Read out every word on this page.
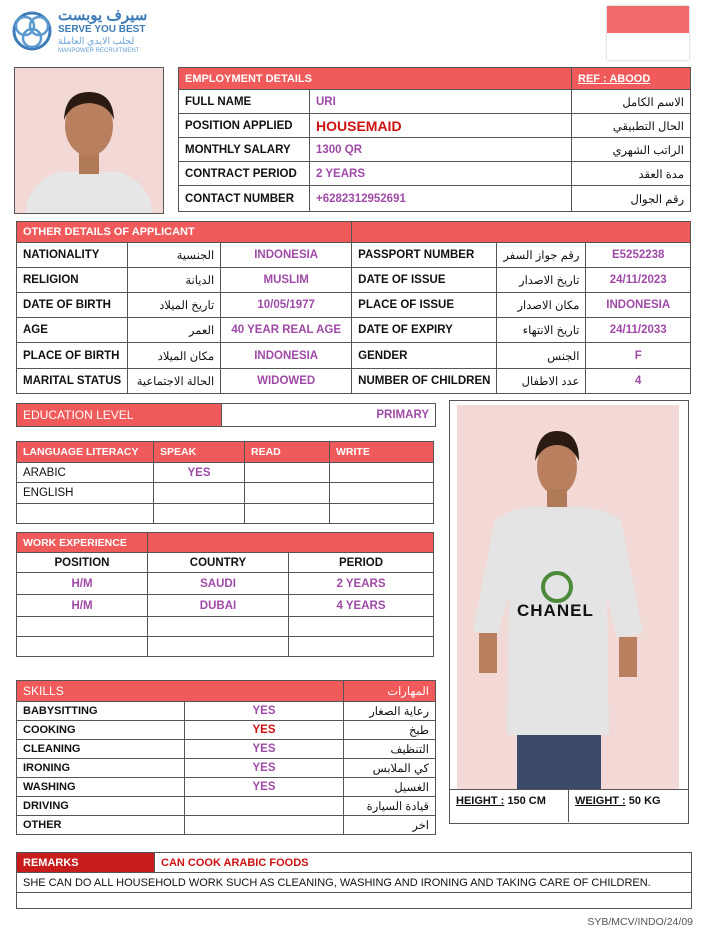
سيرف يوبست
SERVE YOU BEST
لجلب الايدي العاملة
MANPOWER RECRUITMENT
EMPLOYMENT DETAILS		REF : ABOOD
FULL NAME	URI	الاسم الكامل
POSITION APPLIED	HOUSEMAID	الحال التطبيقي
MONTHLY SALARY	1300 QR	الراتب الشهري
CONTRACT PERIOD	2 YEARS	مدة العقد
CONTACT NUMBER	+6282312952691	رقم الجوال
OTHER DETAILS OF APPLICANT					
NATIONALITY	الجنسية	INDONESIA	PASSPORT NUMBER	رقم جواز السفر	E5252238
RELIGION	الديانة	MUSLIM	DATE OF ISSUE	تاريخ الاصدار	24/11/2023
DATE OF BIRTH	تاريخ الميلاد	10/05/1977	PLACE OF ISSUE	مكان الاصدار	INDONESIA
AGE	العمر	40 YEAR REAL AGE	DATE OF EXPIRY	تاريخ الانتهاء	24/11/2033
PLACE OF BIRTH	مكان الميلاد	INDONESIA	GENDER	الجنس	F
MARITAL STATUS	الحالة الاجتماعية	WIDOWED	NUMBER OF CHILDREN	عدد الاطفال	4
EDUCATION LEVEL	PRIMARY
LANGUAGE LITERACY	SPEAK	READ	WRITE
ARABIC	YES		
ENGLISH			

WORK EXPERIENCE		
POSITION	COUNTRY	PERIOD
H/M	SAUDI	2 YEARS
H/M	DUBAI	4 YEARS

SKILLS		المهارات
BABYSITTING	YES	رعاية الصغار
COOKING	YES	طبخ
CLEANING	YES	التنظيف
IRONING	YES	كي الملابس
WASHING	YES	الغسيل
DRIVING		قيادة السيارة
OTHER		اخر
CHANEL
HEIGHT : 150 CM	WEIGHT : 50 KG
REMARKS	CAN COOK ARABIC FOODS
SHE CAN DO ALL HOUSEHOLD WORK SUCH AS CLEANING, WASHING AND IRONING AND TAKING CARE OF CHILDREN.

SYB/MCV/INDO/24/09
